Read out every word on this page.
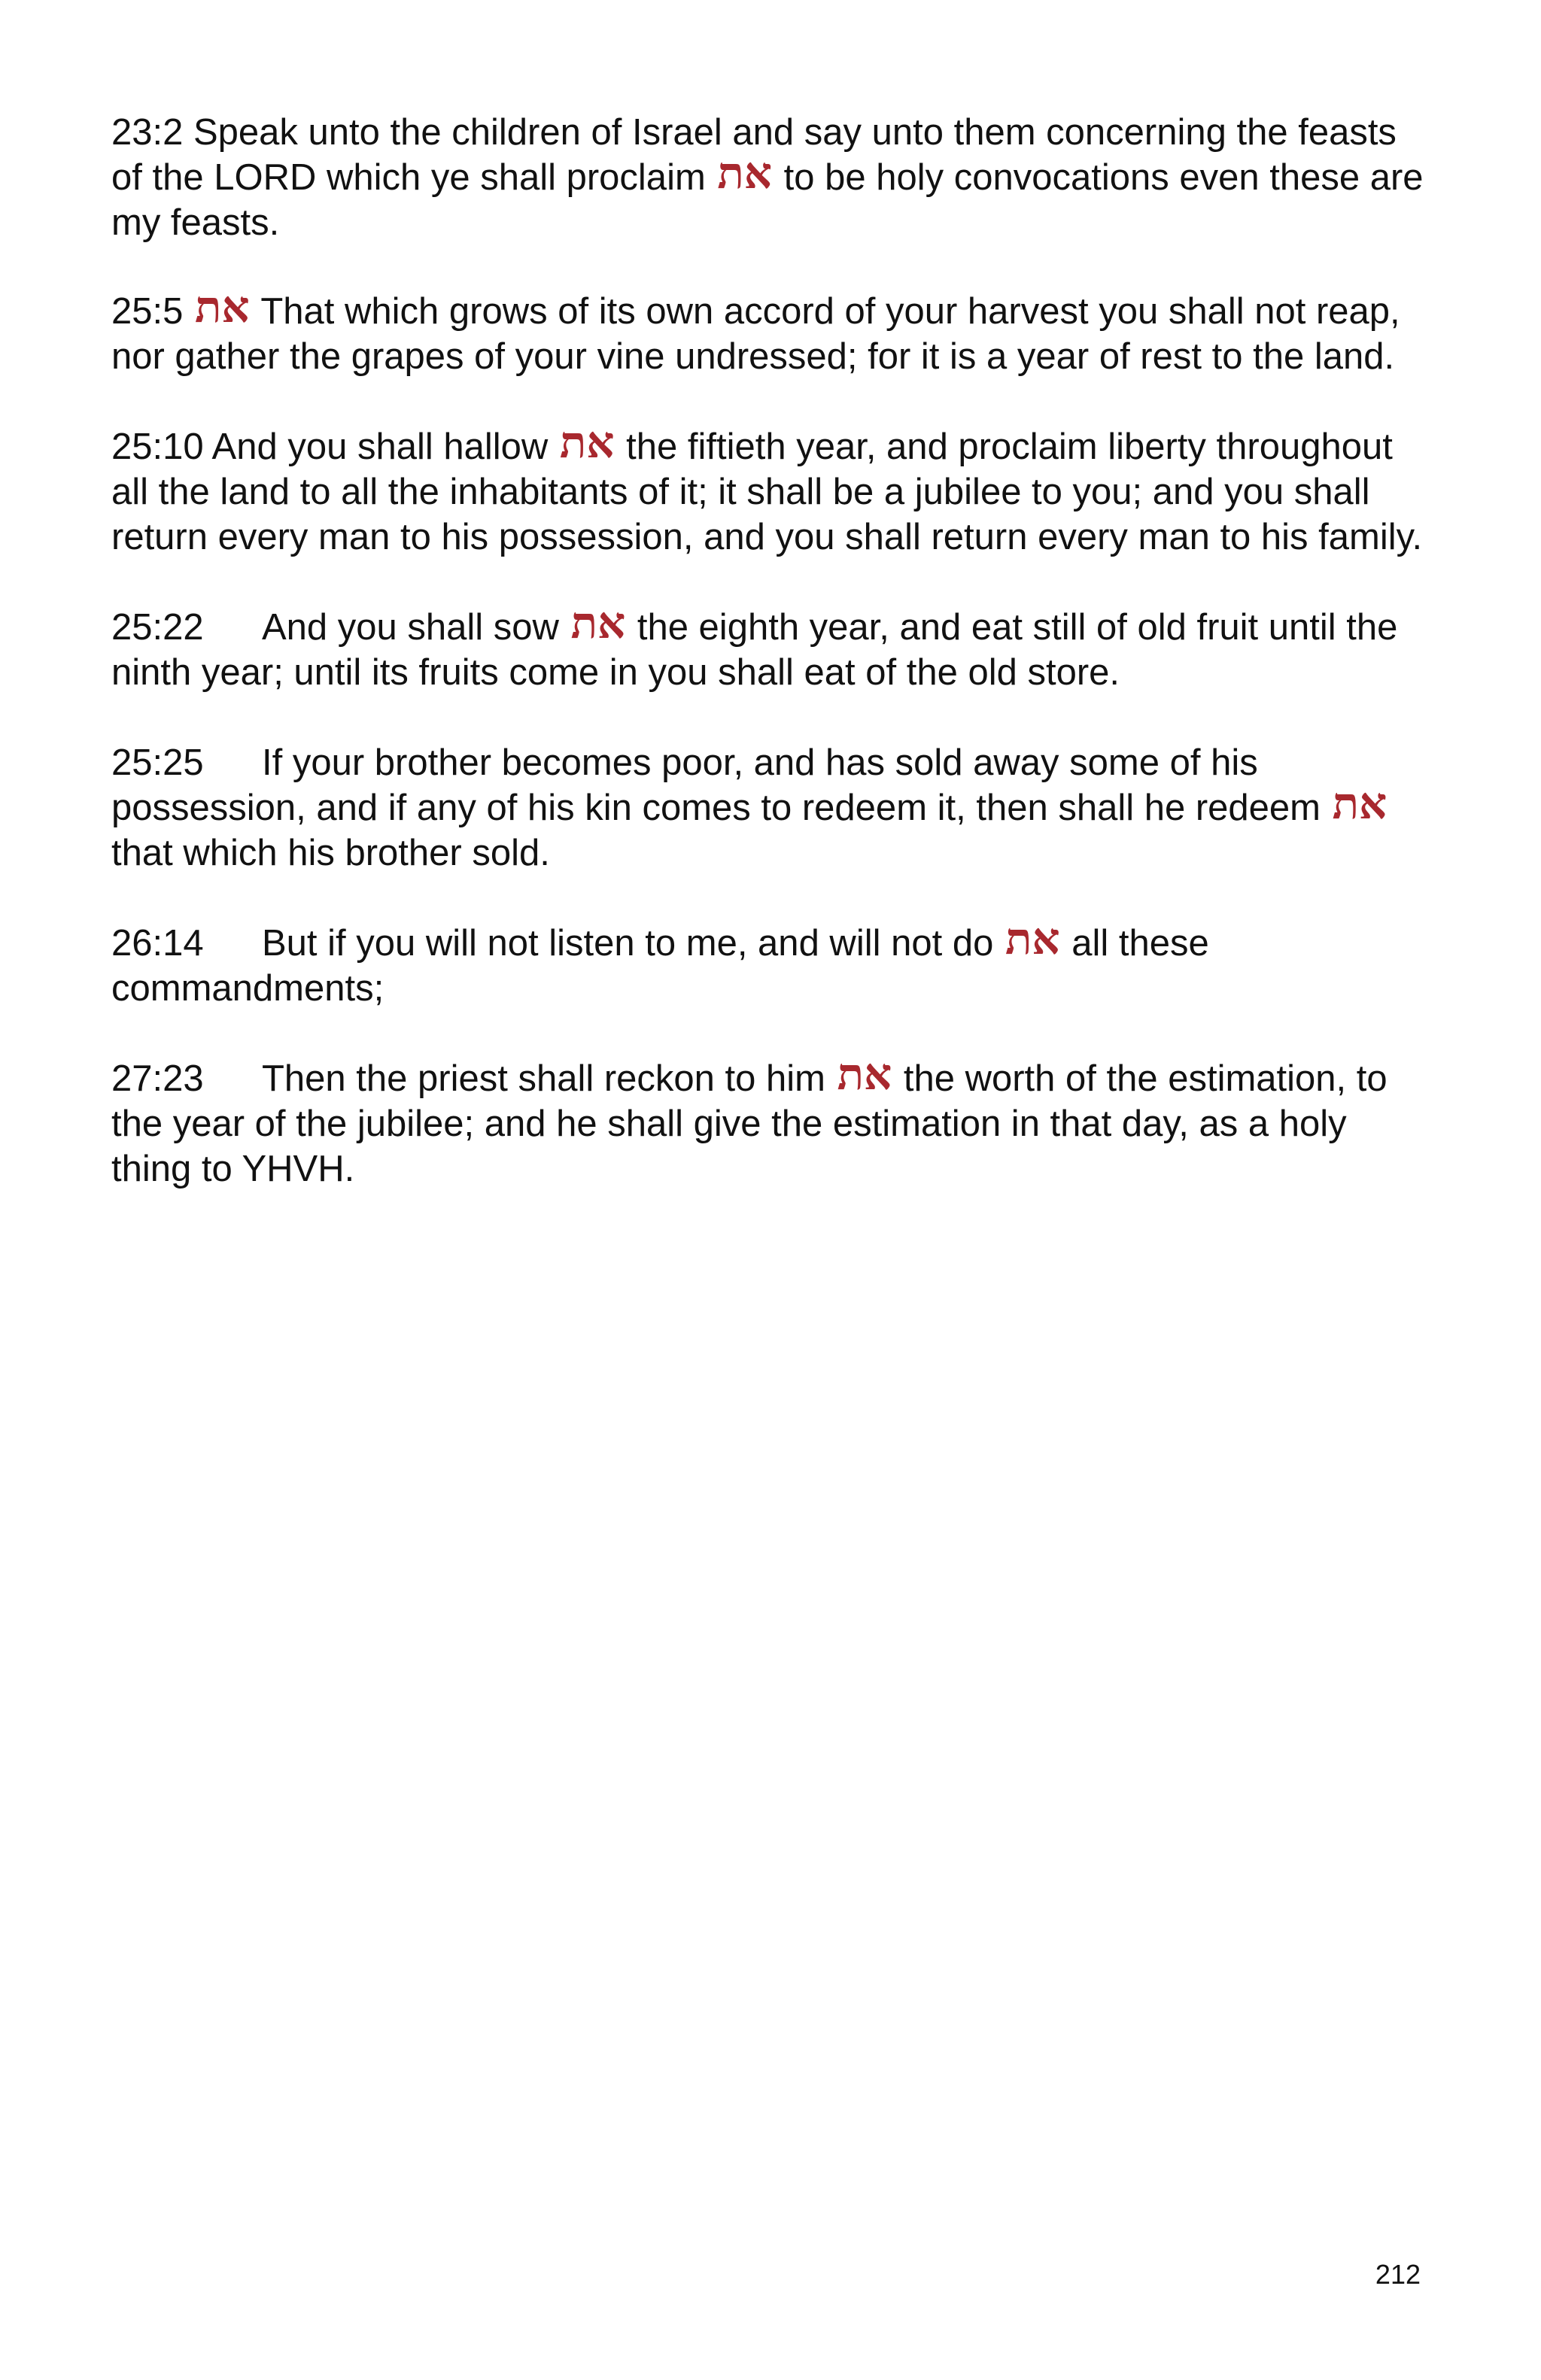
23:2 Speak unto the children of Israel and say unto them concerning the feasts of the LORD which ye shall proclaim את to be holy convocations even these are my feasts.

25:5 את That which grows of its own accord of your harvest you shall not reap, nor gather the grapes of your vine undressed; for it is a year of rest to the land.

25:10 And you shall hallow את the fiftieth year, and proclaim liberty throughout all the land to all the inhabitants of it; it shall be a jubilee to you; and you shall return every man to his possession, and you shall return every man to his family.

25:22 And you shall sow את the eighth year, and eat still of old fruit until the ninth year; until its fruits come in you shall eat of the old store.

25:25 If your brother becomes poor, and has sold away some of his possession, and if any of his kin comes to redeem it, then shall he redeem את that which his brother sold.

26:14 But if you will not listen to me, and will not do את all these commandments;

27:23 Then the priest shall reckon to him את the worth of the estimation, to the year of the jubilee; and he shall give the estimation in that day, as a holy thing to YHVH.

212
